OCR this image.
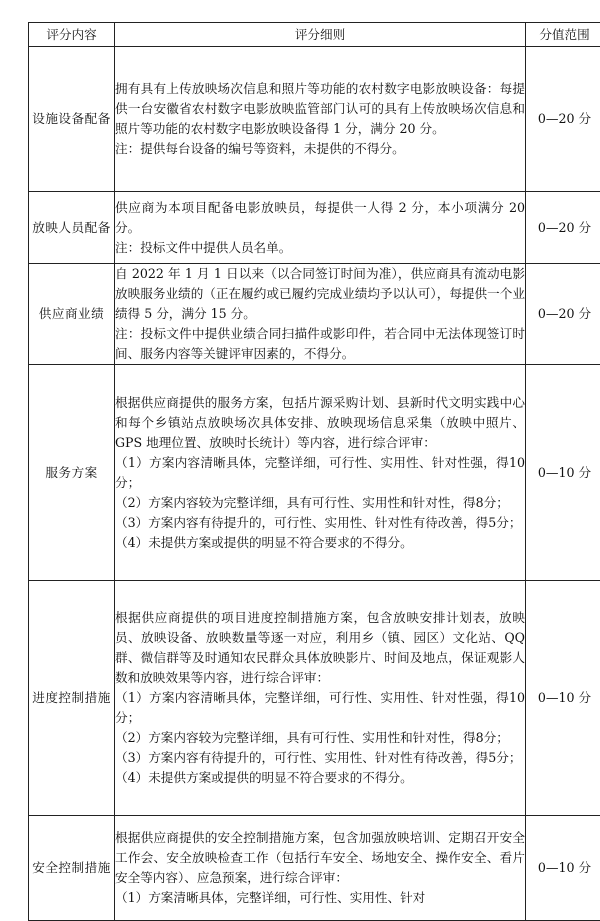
评分内容	评分细则	分值范围
设施设备配备	拥有具有上传放映场次信息和照片等功能的农村数字电影放映设备：每提供一台安徽省农村数字电影放映监管部门认可的具有上传放映场次信息和照片等功能的农村数字电影放映设备得 1 分，满分 20 分。
注：提供每台设备的编号等资料，未提供的不得分。	0—20 分
放映人员配备	供应商为本项目配备电影放映员，每提供一人得 2 分，本小项满分 20 分。
注：投标文件中提供人员名单。	0—20 分
供应商业绩	自 2022 年 1 月 1 日以来（以合同签订时间为准），供应商具有流动电影放映服务业绩的（正在履约或已履约完成业绩均予以认可），每提供一个业绩得 5 分，满分 15 分。
注：投标文件中提供业绩合同扫描件或影印件，若合同中无法体现签订时间、服务内容等关键评审因素的，不得分。	0—20 分
服务方案	根据供应商提供的服务方案，包括片源采购计划、县新时代文明实践中心和每个乡镇站点放映场次具体安排、放映现场信息采集（放映中照片、GPS 地理位置、放映时长统计）等内容，进行综合评审：
（1）方案内容清晰具体，完整详细，可行性、实用性、针对性强，得10分；
（2）方案内容较为完整详细，具有可行性、实用性和针对性，得8分；
（3）方案内容有待提升的，可行性、实用性、针对性有待改善，得5分；
（4）未提供方案或提供的明显不符合要求的不得分。	0—10 分
进度控制措施	根据供应商提供的项目进度控制措施方案，包含放映安排计划表，放映员、放映设备、放映数量等逐一对应，利用乡（镇、园区）文化站、QQ 群、微信群等及时通知农民群众具体放映影片、时间及地点，保证观影人数和放映效果等内容，进行综合评审：
（1）方案内容清晰具体，完整详细，可行性、实用性、针对性强，得10分；
（2）方案内容较为完整详细，具有可行性、实用性和针对性，得8分；
（3）方案内容有待提升的，可行性、实用性、针对性有待改善，得5分；
（4）未提供方案或提供的明显不符合要求的不得分。	0—10 分
安全控制措施	根据供应商提供的安全控制措施方案，包含加强放映培训、定期召开安全工作会、安全放映检查工作（包括行车安全、场地安全、操作安全、看片安全等内容）、应急预案，进行综合评审：
（1）方案清晰具体，完整详细，可行性、实用性、针对	0—10 分
